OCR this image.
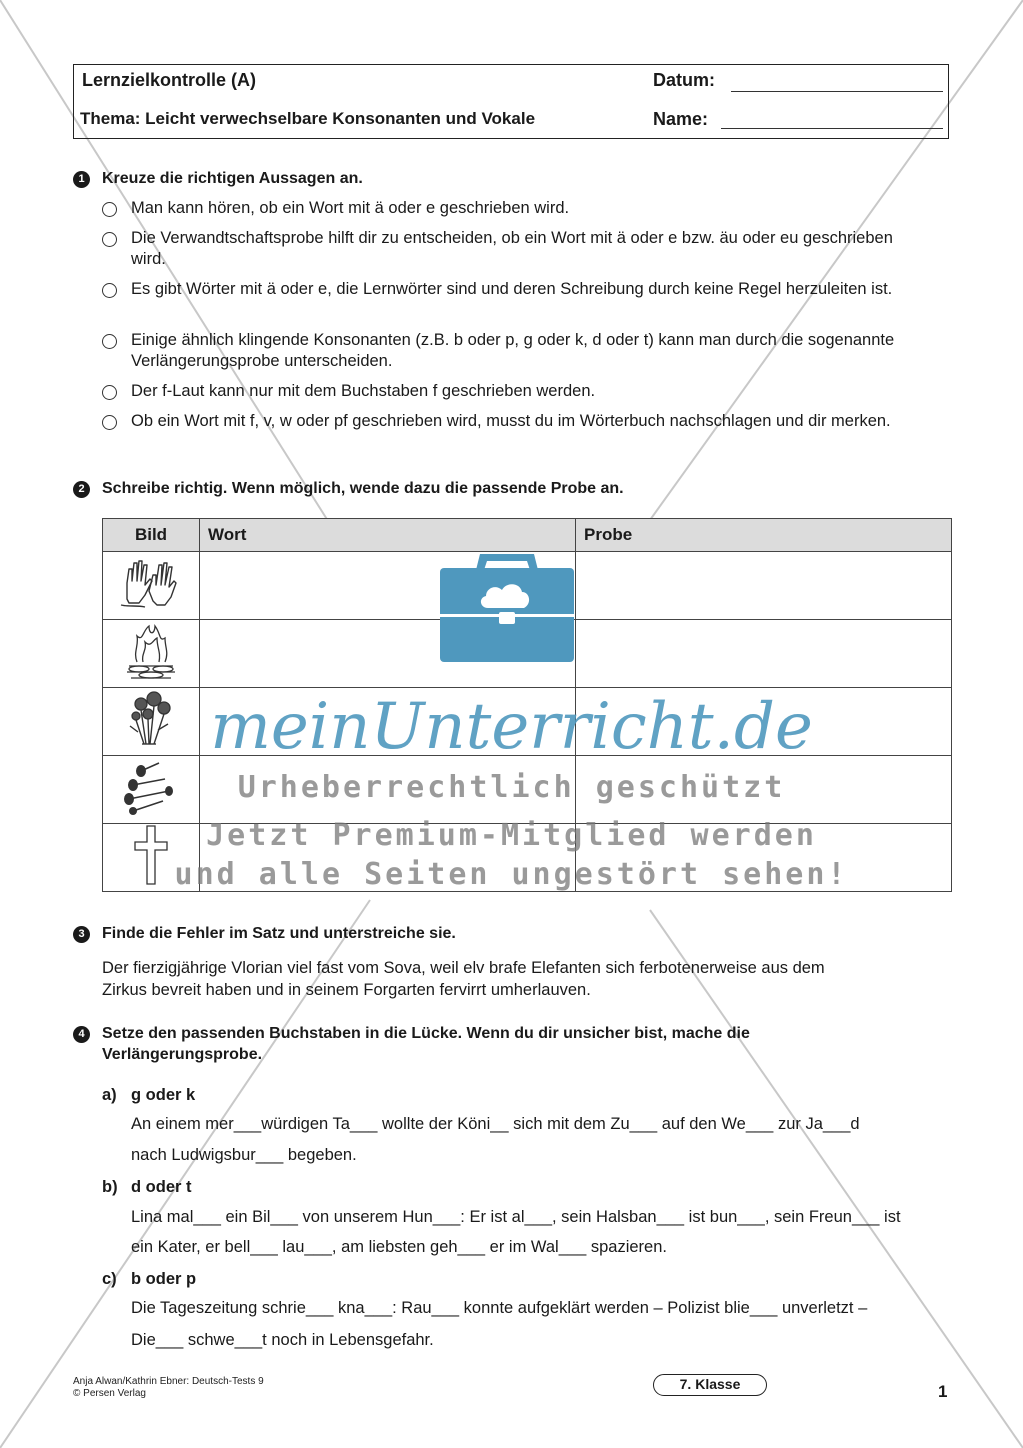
Lernzielkontrolle (A)
Thema: Leicht verwechselbare Konsonanten und Vokale
Datum:
Name:
1	Kreuze die richtigen Aussagen an.
Man kann hören, ob ein Wort mit ä oder e geschrieben wird.
Die Verwandtschaftsprobe hilft dir zu entscheiden, ob ein Wort mit ä oder e bzw. äu oder eu geschrieben wird.
Es gibt Wörter mit ä oder e, die Lernwörter sind und deren Schreibung durch keine Regel herzuleiten ist.
Einige ähnlich klingende Konsonanten (z.B. b oder p, g oder k, d oder t) kann man durch die sogenannte Verlängerungsprobe unterscheiden.
Der f-Laut kann nur mit dem Buchstaben f geschrieben werden.
Ob ein Wort mit f, v, w oder pf geschrieben wird, musst du im Wörterbuch nachschlagen und dir merken.
2	Schreibe richtig. Wenn möglich, wende dazu die passende Probe an.
Bild	Wort	Probe

3	Finde die Fehler im Satz und unterstreiche sie.
Der fierzigjährige Vlorian viel fast vom Sova, weil elv brafe Elefanten sich ferbotenerweise aus dem
Zirkus bevreit haben und in seinem Forgarten fervirrt umherlauven.
4	Setze den passenden Buchstaben in die Lücke. Wenn du dir unsicher bist, mache die
Verlängerungsprobe.
a) g oder k
An einem mer___würdigen Ta___ wollte der Köni__ sich mit dem Zu___ auf den We___ zur Ja___d
nach Ludwigsbur___ begeben.
b) d oder t
Lina mal___ ein Bil___ von unserem Hun___: Er ist al___, sein Halsban___ ist bun___, sein Freun___ ist
ein Kater, er bell___ lau___, am liebsten geh___ er im Wal___ spazieren.
c) b oder p
Die Tageszeitung schrie___ kna___: Rau___ konnte aufgeklärt werden – Polizist blie___ unverletzt –
Die___ schwe___t noch in Lebensgefahr.
meinUnterricht.de
Urheberrechtlich geschützt
Jetzt Premium-Mitglied werden
und alle Seiten ungestört sehen!
Anja Alwan/Kathrin Ebner: Deutsch-Tests 9
© Persen Verlag
7. Klasse	1
